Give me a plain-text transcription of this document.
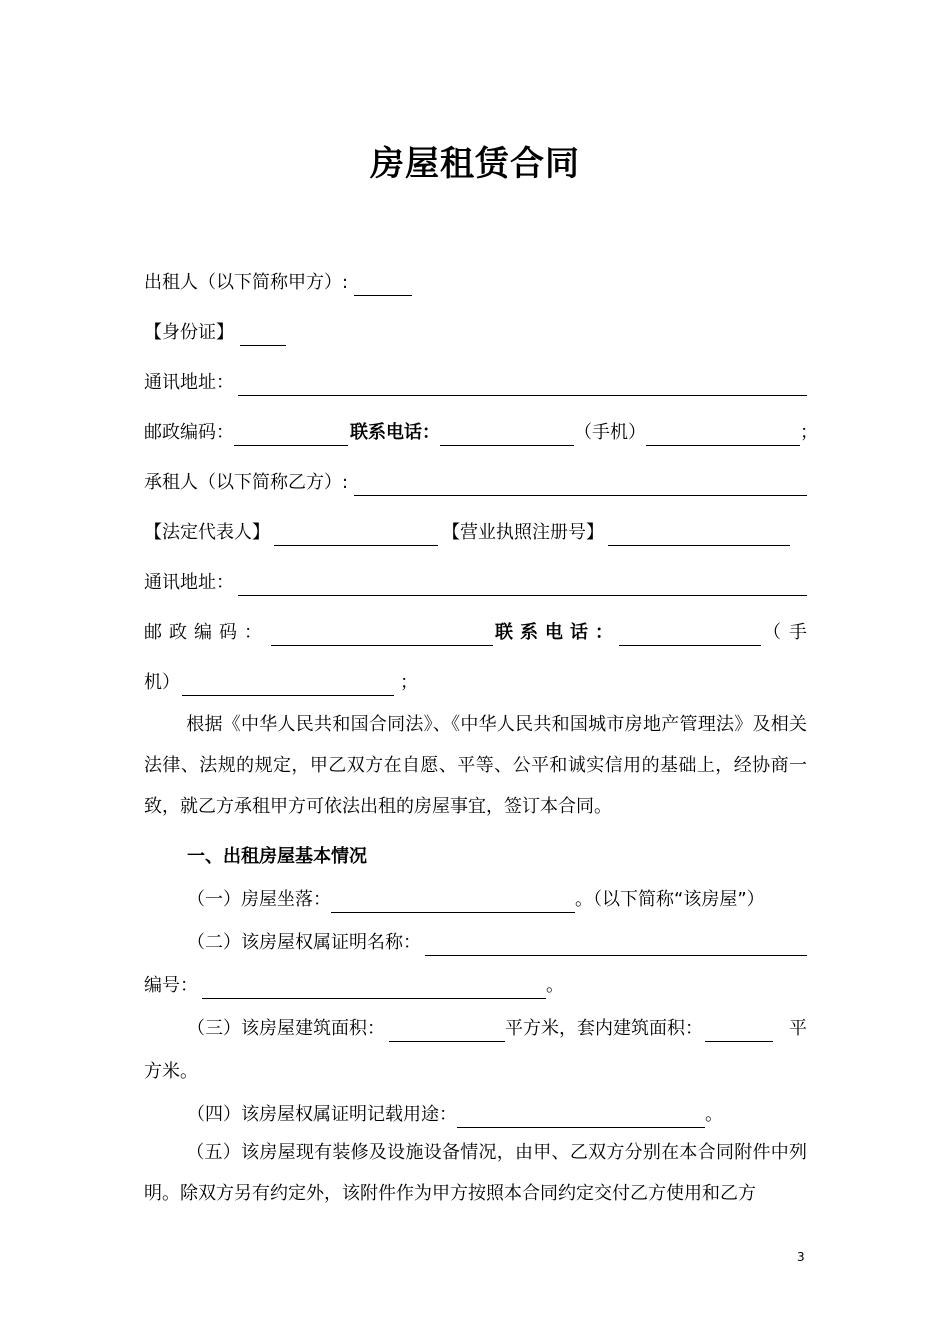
房屋租赁合同
出租人（以下简称甲方）:
【身份证】
通讯地址：
邮政编码：	联系电话：	（手机）	；
承租人（以下简称乙方）:
【法定代表人】	【营业执照注册号】
通讯地址：
邮 政 编 码 ：	联 系 电 话 ：	（ 手
机）	；
根据《中华人民共和国合同法》、《中华人民共和国城市房地产管理法》及相关法律、法规的规定，甲乙双方在自愿、平等、公平和诚实信用的基础上，经协商一致，就乙方承租甲方可依法出租的房屋事宜，签订本合同。
一、出租房屋基本情况
（一）房屋坐落：	。（以下简称“该房屋”）
（二）该房屋权属证明名称：
编号：	。
（三）该房屋建筑面积：	平方米，套内建筑面积：	平
方米。
（四）该房屋权属证明记载用途：	。
（五）该房屋现有装修及设施设备情况，由甲、乙双方分别在本合同附件中列明。除双方另有约定外，该附件作为甲方按照本合同约定交付乙方使用和乙方
3
